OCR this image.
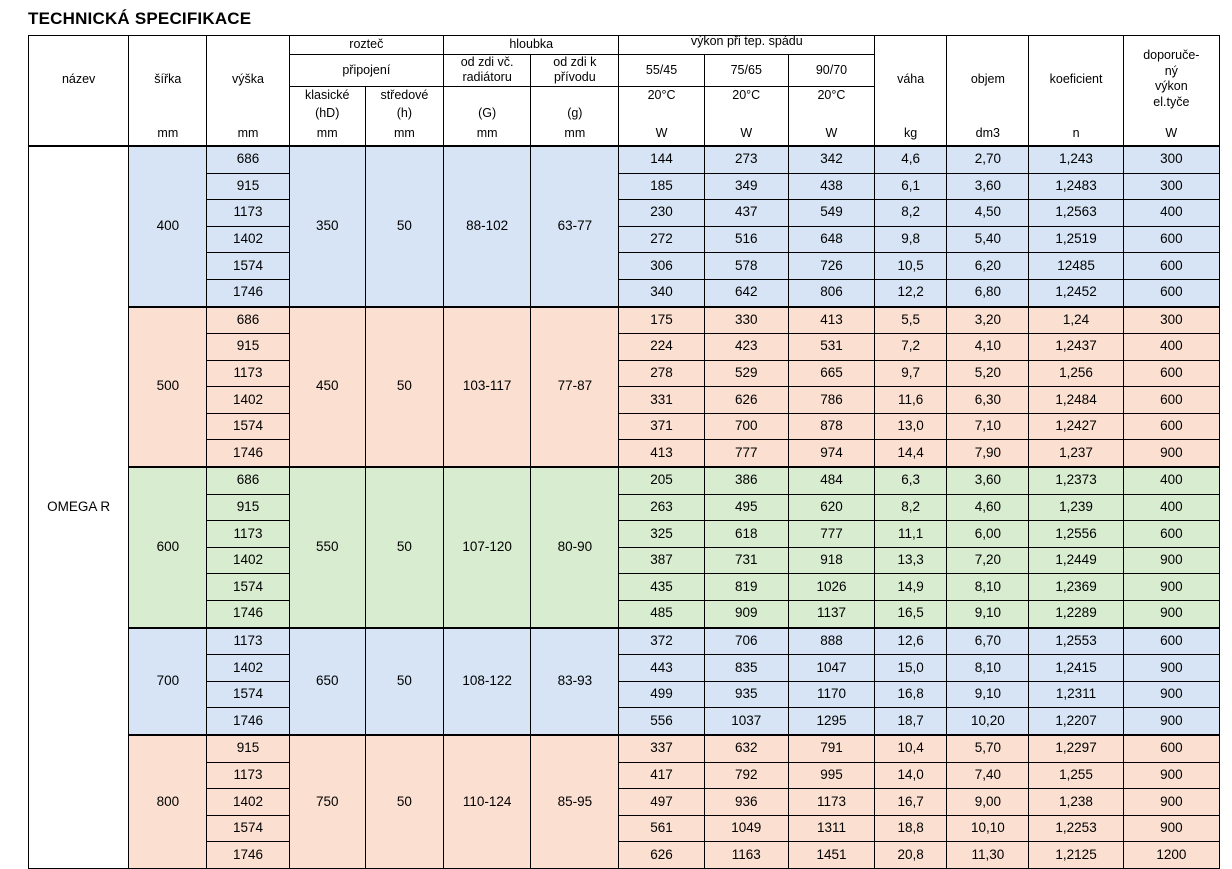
TECHNICKÁ SPECIFIKACE
název	šířka	výška	rozteč		hloubka		výkon při tep. spádu			váha	objem	koeficient	doporuče-
ný
výkon
el.tyče

			připojení		od zdi vč. radiátoru	od zdi k přívodu	55/45	75/65	90/70				
			klasické	středové			20°C	20°C	20°C				
			(hD)	(h)	(G)	(g)							
	mm	mm	mm	mm	mm	mm	W	W	W	kg	dm3	n	W
OMEGA R	400	686	350	50	88-102	63-77	144	273	342	4,6	2,70	1,243	300
		915					185	349	438	6,1	3,60	1,2483	300
		1173					230	437	549	8,2	4,50	1,2563	400
		1402					272	516	648	9,8	5,40	1,2519	600
		1574					306	578	726	10,5	6,20	12485	600
		1746					340	642	806	12,2	6,80	1,2452	600
	500	686	450	50	103-117	77-87	175	330	413	5,5	3,20	1,24	300
		915					224	423	531	7,2	4,10	1,2437	400
		1173					278	529	665	9,7	5,20	1,256	600
		1402					331	626	786	11,6	6,30	1,2484	600
		1574					371	700	878	13,0	7,10	1,2427	600
		1746					413	777	974	14,4	7,90	1,237	900
	600	686	550	50	107-120	80-90	205	386	484	6,3	3,60	1,2373	400
		915					263	495	620	8,2	4,60	1,239	400
		1173					325	618	777	11,1	6,00	1,2556	600
		1402					387	731	918	13,3	7,20	1,2449	900
		1574					435	819	1026	14,9	8,10	1,2369	900
		1746					485	909	1137	16,5	9,10	1,2289	900
	700	1173	650	50	108-122	83-93	372	706	888	12,6	6,70	1,2553	600
		1402					443	835	1047	15,0	8,10	1,2415	900
		1574					499	935	1170	16,8	9,10	1,2311	900
		1746					556	1037	1295	18,7	10,20	1,2207	900
	800	915	750	50	110-124	85-95	337	632	791	10,4	5,70	1,2297	600
		1173					417	792	995	14,0	7,40	1,255	900
		1402					497	936	1173	16,7	9,00	1,238	900
		1574					561	1049	1311	18,8	10,10	1,2253	900
		1746					626	1163	1451	20,8	11,30	1,2125	1200
